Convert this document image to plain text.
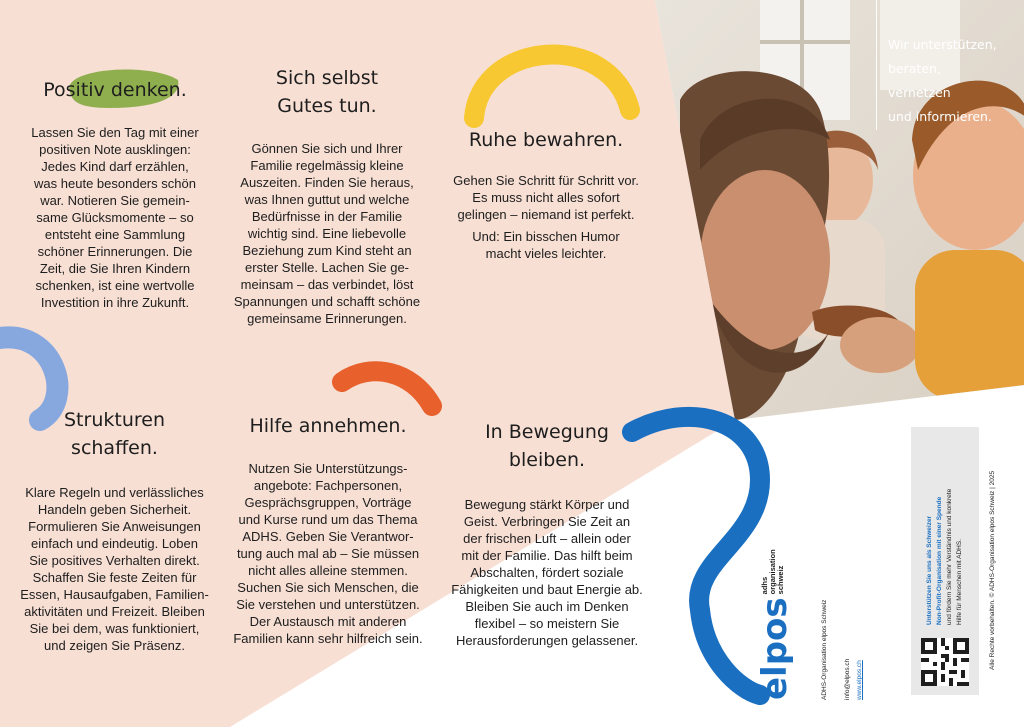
Wir unterstützen,
beraten,
vernetzen
und informieren.
Positiv denken.

Lassen Sie den Tag mit einer
positiven Note ausklingen:
Jedes Kind darf erzählen,
was heute besonders schön
war. Notieren Sie gemein-
same Glücksmomente – so
entsteht eine Sammlung
schöner Erinnerungen. Die
Zeit, die Sie Ihren Kindern
schenken, ist eine wertvolle
Investition in ihre Zukunft.

Sich selbst
Gutes tun.

Gönnen Sie sich und Ihrer
Familie regelmässig kleine
Auszeiten. Finden Sie heraus,
was Ihnen guttut und welche
Bedürfnisse in der Familie
wichtig sind. Eine liebevolle
Beziehung zum Kind steht an
erster Stelle. Lachen Sie ge-
meinsam – das verbindet, löst
Spannungen und schafft schöne
gemeinsame Erinnerungen.

Ruhe bewahren.

Gehen Sie Schritt für Schritt vor.
Es muss nicht alles sofort
gelingen – niemand ist perfekt.

Und: Ein bisschen Humor
macht vieles leichter.

Strukturen
schaffen.

Klare Regeln und verlässliches
Handeln geben Sicherheit.
Formulieren Sie Anweisungen
einfach und eindeutig. Loben
Sie positives Verhalten direkt.
Schaffen Sie feste Zeiten für
Essen, Hausaufgaben, Familien-
aktivitäten und Freizeit. Bleiben
Sie bei dem, was funktioniert,
und zeigen Sie Präsenz.

Hilfe annehmen.

Nutzen Sie Unterstützungs-
angebote: Fachpersonen,
Gesprächsgruppen, Vorträge
und Kurse rund um das Thema
ADHS. Geben Sie Verantwor-
tung auch mal ab – Sie müssen
nicht alles alleine stemmen.
Suchen Sie sich Menschen, die
Sie verstehen und unterstützen.
Der Austausch mit anderen
Familien kann sehr hilfreich sein.

In Bewegung
bleiben.

Bewegung stärkt Körper und
Geist. Verbringen Sie Zeit an
der frischen Luft – allein oder
mit der Familie. Das hilft beim
Abschalten, fördert soziale
Fähigkeiten und baut Energie ab.
Bleiben Sie auch im Denken
flexibel – so meistern Sie
Herausforderungen gelassener.	elposadhs
organisation
schweiz
ADHS-Organisation elpos Schweiz info@elpos.ch www.elpos.ch
Unterstützen Sie uns als Schweizer Non-Profit-Organisation mit einer Spende und fördern Sie mehr Verständnis und konkrete Hilfe für Menschen mit ADHS.	Alle Rechte vorbehalten. © ADHS-Organisation elpos Schweiz | 2025
